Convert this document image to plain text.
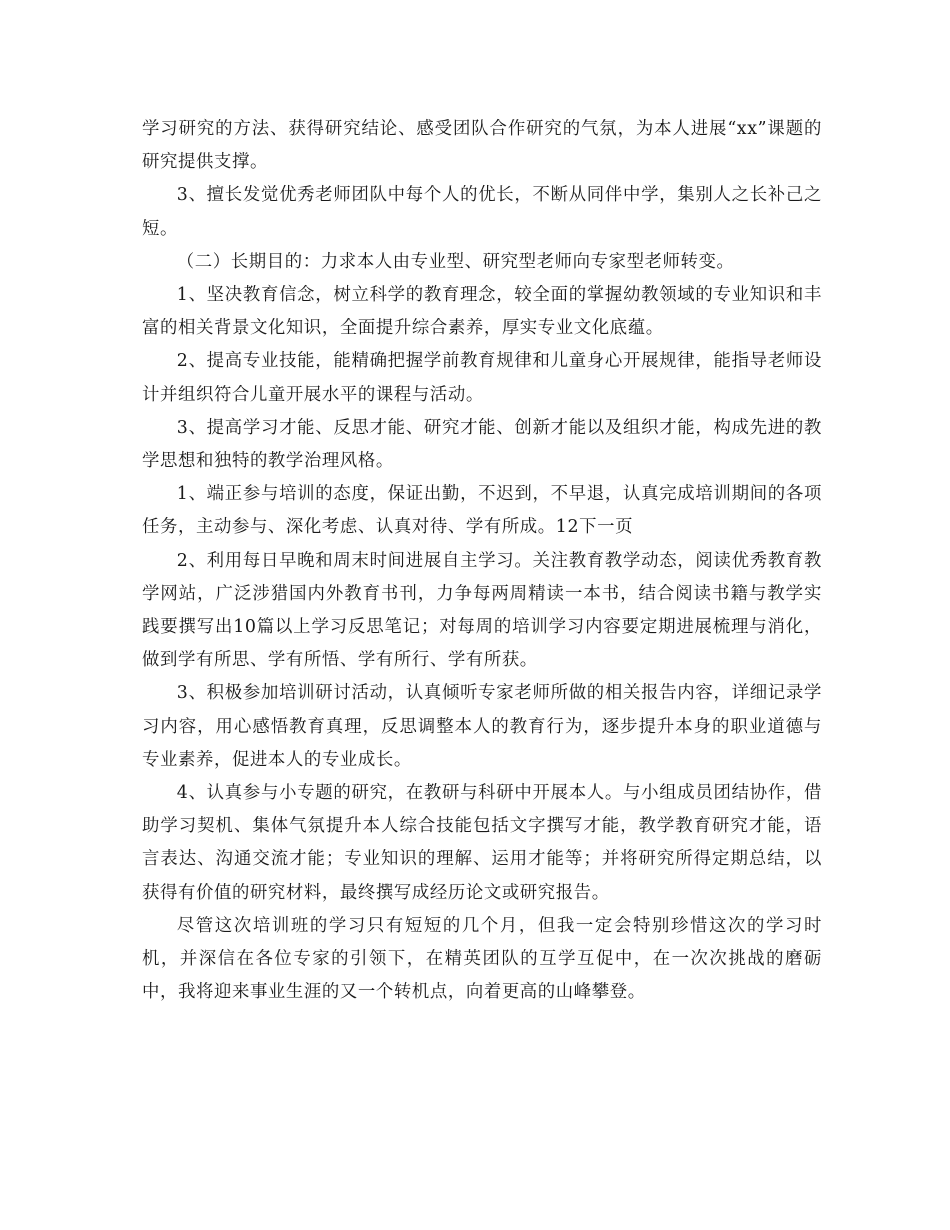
学习研究的方法、获得研究结论、感受团队合作研究的气氛，为本人进展“xx”课题的研究提供支撑。

3、擅长发觉优秀老师团队中每个人的优长，不断从同伴中学，集别人之长补己之短。

（二）长期目的：力求本人由专业型、研究型老师向专家型老师转变。

1、坚决教育信念，树立科学的教育理念，较全面的掌握幼教领域的专业知识和丰富的相关背景文化知识，全面提升综合素养，厚实专业文化底蕴。

2、提高专业技能，能精确把握学前教育规律和儿童身心开展规律，能指导老师设计并组织符合儿童开展水平的课程与活动。

3、提高学习才能、反思才能、研究才能、创新才能以及组织才能，构成先进的教学思想和独特的教学治理风格。

1、端正参与培训的态度，保证出勤，不迟到，不早退，认真完成培训期间的各项任务，主动参与、深化考虑、认真对待、学有所成。12下一页

2、利用每日早晚和周末时间进展自主学习。关注教育教学动态，阅读优秀教育教学网站，广泛涉猎国内外教育书刊，力争每两周精读一本书，结合阅读书籍与教学实践要撰写出10篇以上学习反思笔记；对每周的培训学习内容要定期进展梳理与消化，做到学有所思、学有所悟、学有所行、学有所获。

3、积极参加培训研讨活动，认真倾听专家老师所做的相关报告内容，详细记录学习内容，用心感悟教育真理，反思调整本人的教育行为，逐步提升本身的职业道德与专业素养，促进本人的专业成长。

4、认真参与小专题的研究，在教研与科研中开展本人。与小组成员团结协作，借助学习契机、集体气氛提升本人综合技能包括文字撰写才能，教学教育研究才能，语言表达、沟通交流才能；专业知识的理解、运用才能等；并将研究所得定期总结，以获得有价值的研究材料，最终撰写成经历论文或研究报告。

尽管这次培训班的学习只有短短的几个月，但我一定会特别珍惜这次的学习时机，并深信在各位专家的引领下，在精英团队的互学互促中，在一次次挑战的磨砺中，我将迎来事业生涯的又一个转机点，向着更高的山峰攀登。
